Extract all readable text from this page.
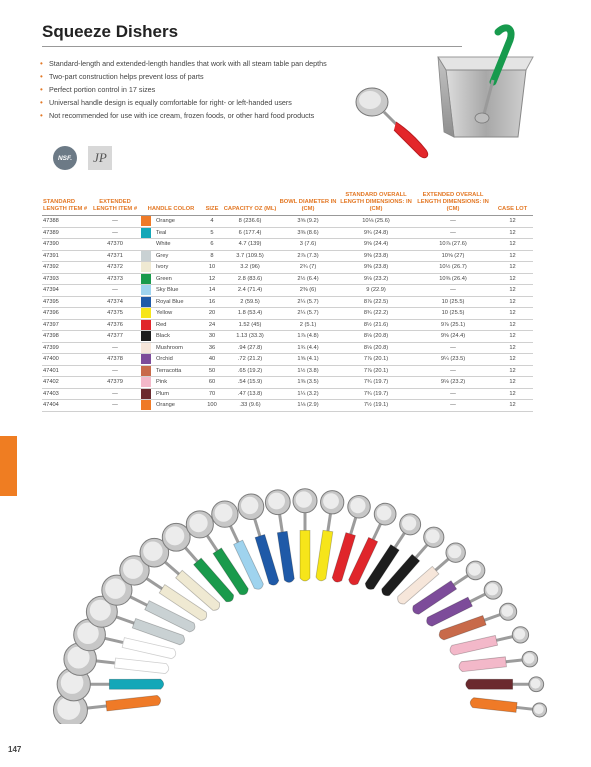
Squeeze Dishers
• Standard-length and extended-length handles that work with all steam table pan depths
• Two-part construction helps prevent loss of parts
• Perfect portion control in 17 sizes
• Universal handle design is equally comfortable for right- or left-handed users
• Not recommended for use with ice cream, frozen foods, or other hard food products
NSF.	JP
STANDARD LENGTH ITEM #	EXTENDED LENGTH ITEM #	HANDLE COLOR		SIZE	CAPACITY OZ (ML)	BOWL DIAMETER IN (CM)	STANDARD OVERALL LENGTH DIMENSIONS: IN (CM)	EXTENDED OVERALL LENGTH DIMENSIONS: IN (CM)	CASE LOT
47388	—		Orange	4	8 (236.6)	3⅝ (9.2)	10⅛ (25.6)	—	12
47389	—		Teal	5	6 (177.4)	3⅜ (8.6)	9¾ (24.8)	—	12
47390	47370		White	6	4.7 (139)	3 (7.6)	9⅝ (24.4)	10⅞ (27.6)	12
47391	47371		Grey	8	3.7 (109.5)	2⅞ (7.3)	9⅜ (23.8)	10⅝ (27)	12
47392	47372		Ivory	10	3.2 (96)	2¾ (7)	9⅜ (23.8)	10½ (26.7)	12
47393	47373		Green	12	2.8 (83.6)	2½ (6.4)	9⅛ (23.2)	10⅜ (26.4)	12
47394	—		Sky Blue	14	2.4 (71.4)	2⅜ (6)	9 (22.9)	—	12
47395	47374		Royal Blue	16	2 (59.5)	2¼ (5.7)	8⅞ (22.5)	10 (25.5)	12
47396	47375		Yellow	20	1.8 (53.4)	2¼ (5.7)	8¾ (22.2)	10 (25.5)	12
47397	47376		Red	24	1.52 (45)	2 (5.1)	8½ (21.6)	9⅞ (25.1)	12
47398	47377		Black	30	1.13 (33.3)	1⅞ (4.8)	8⅛ (20.8)	9⅝ (24.4)	12
47399	—		Mushroom	36	.94 (27.8)	1¾ (4.4)	8⅛ (20.8)	—	12
47400	47378		Orchid	40	.72 (21.2)	1⅝ (4.1)	7⅞ (20.1)	9¼ (23.5)	12
47401	—		Terracotta	50	.65 (19.2)	1½ (3.8)	7⅞ (20.1)	—	12
47402	47379		Pink	60	.54 (15.9)	1⅜ (3.5)	7¾ (19.7)	9⅛ (23.2)	12
47403	—		Plum	70	.47 (13.8)	1¼ (3.2)	7¾ (19.7)	—	12
47404	—		Orange	100	.33 (9.6)	1⅛ (2.9)	7½ (19.1)	—	12
147
